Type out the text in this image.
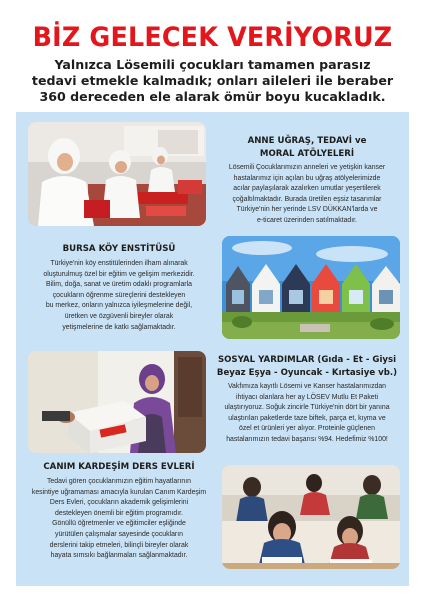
BİZ GELECEK VERİYORUZ
Yalnızca Lösemili çocukları tamamen parasız
tedavi etmekle kalmadık; onları aileleri ile beraber
360 dereceden ele alarak ömür boyu kucakladık.
ANNE UĞRAŞ, TEDAVİ ve
MORAL ATÖLYELERİ
Lösemili Çocuklarımızın anneleri ve yetişkin kanser
hastalarımız için açılan bu uğraş atölyelerimizde
acılar paylaşılarak azalırken umutlar yeşertilerek
çoğaltılmaktadır. Burada üretilen eşsiz tasarımlar
Türkiye'nin her yerinde LSV DÜKKAN'larda ve
e-ticaret üzerinden satılmaktadır.
BURSA KÖY ENSTİTÜSÜ
Türkiye'nin köy enstitülerinden ilham alınarak
oluşturulmuş özel bir eğitim ve gelişim merkezidir.
Bilim, doğa, sanat ve üretim odaklı programlarla
çocukların öğrenme süreçlerini destekleyen
bu merkez, onların yalnızca iyileşmelerine değil,
üretken ve özgüvenli bireyler olarak
yetişmelerine de katkı sağlamaktadır.
SOSYAL YARDIMLAR (Gıda - Et - Giysi
Beyaz Eşya - Oyuncak - Kırtasiye vb.)
Vakfımıza kayıtlı Lösemi ve Kanser hastalarımızdan
ihtiyacı olanlara her ay LÖSEV Mutlu Et Paketi
ulaştırıyoruz. Soğuk zincirle Türkiye'nin dört bir yanına
ulaştırılan paketlerde taze biftek, parça et, kıyma ve
özel et ürünleri yer alıyor. Proteinle güçlenen
hastalarımızın tedavi başarısı %94. Hedefimiz %100!
CANIM KARDEŞİM DERS EVLERİ
Tedavi gören çocuklarımızın eğitim hayatlarının
kesintiye uğramaması amacıyla kurulan Canım Kardeşim
Ders Evleri, çocukların akademik gelişimlerini
destekleyen önemli bir eğitim programıdır.
Gönüllü öğretmenler ve eğitimciler eşliğinde
yürütülen çalışmalar sayesinde çocukların
derslerini takip etmeleri, bilinçli bireyler olarak
hayata sımsıkı bağlanmaları sağlanmaktadır.
